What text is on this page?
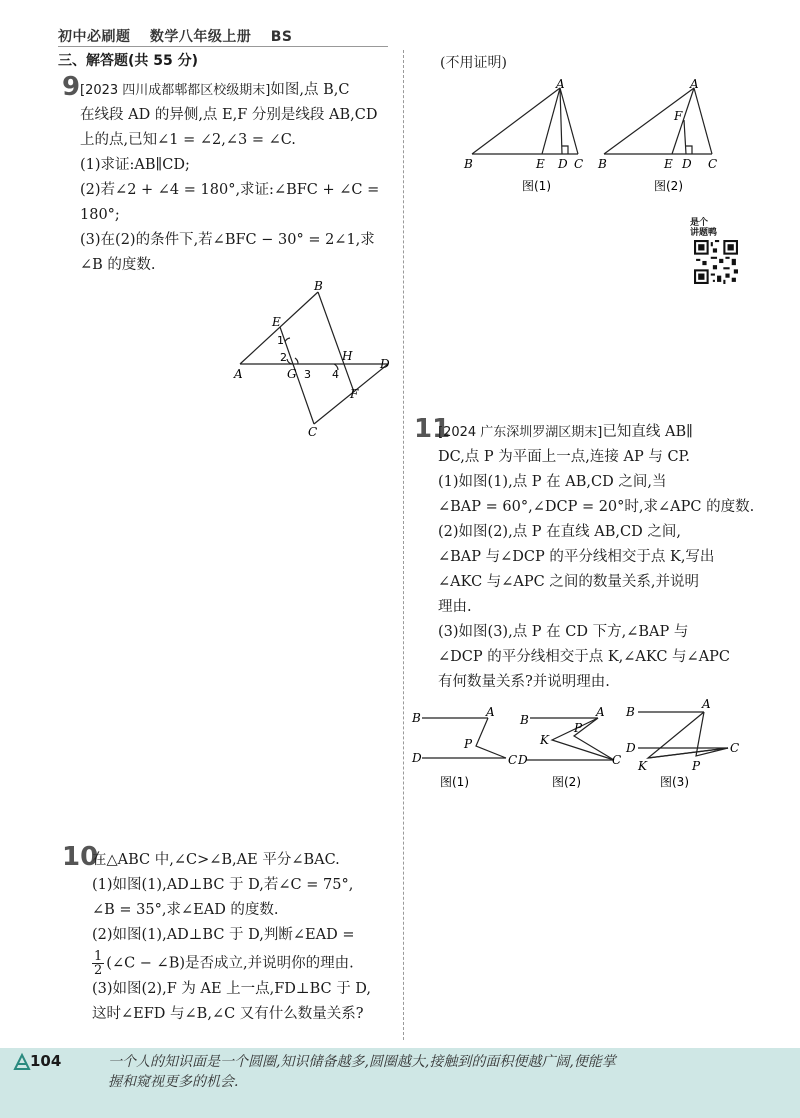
初中必刷题 数学八年级上册 BS
三、解答题(共 55 分)
9 [2023 四川成都郫都区校级期末]如图,点 B,C

在线段 AD 的异侧,点 E,F 分别是线段 AB,CD

上的点,已知∠1 = ∠2,∠3 = ∠C.

(1)求证:AB∥CD;

(2)若∠2 + ∠4 = 180°,求证:∠BFC + ∠C =

180°;

(3)在(2)的条件下,若∠BFC − 30° = 2∠1,求

∠B 的度数.

B
E
1
2
G 3
H
4
A
D
F
C
(不用证明)
A
B	E D C
图(1)
A
F
B	E D C
图(2)
是个
讲题鸭
10

在△ABC 中,∠C>∠B,AE 平分∠BAC.

(1)如图(1),AD⊥BC 于 D,若∠C = 75°,

∠B = 35°,求∠EAD 的度数.

(2)如图(1),AD⊥BC 于 D,判断∠EAD =

$\frac{1}{2}$ (∠C − ∠B)是否成立,并说明你的理由.

(3)如图(2),F 为 AE 上一点,FD⊥BC 于 D,

这时∠EFD 与∠B,∠C 又有什么数量关系?

11

[2024 广东深圳罗湖区期末]已知直线 AB∥

DC,点 P 为平面上一点,连接 AP 与 CP.

(1)如图(1),点 P 在 AB,CD 之间,当

∠BAP = 60°,∠DCP = 20°时,求∠APC 的度数.

(2)如图(2),点 P 在直线 AB,CD 之间,

∠BAP 与∠DCP 的平分线相交于点 K,写出

∠AKC 与∠APC 之间的数量关系,并说明

理由.

(3)如图(3),点 P 在 CD 下方,∠BAP 与

∠DCP 的平分线相交于点 K,∠AKC 与∠APC

有何数量关系?并说明理由.

B	A
P
D	C
图(1)
B
A
K
P
D	C
图(2)
B
A
D	C
K	P
图(3)
104	一个人的知识面是一个圆圈,知识储备越多,圆圈越大,接触到的面积便越广阔,便能掌
握和窥视更多的机会.
